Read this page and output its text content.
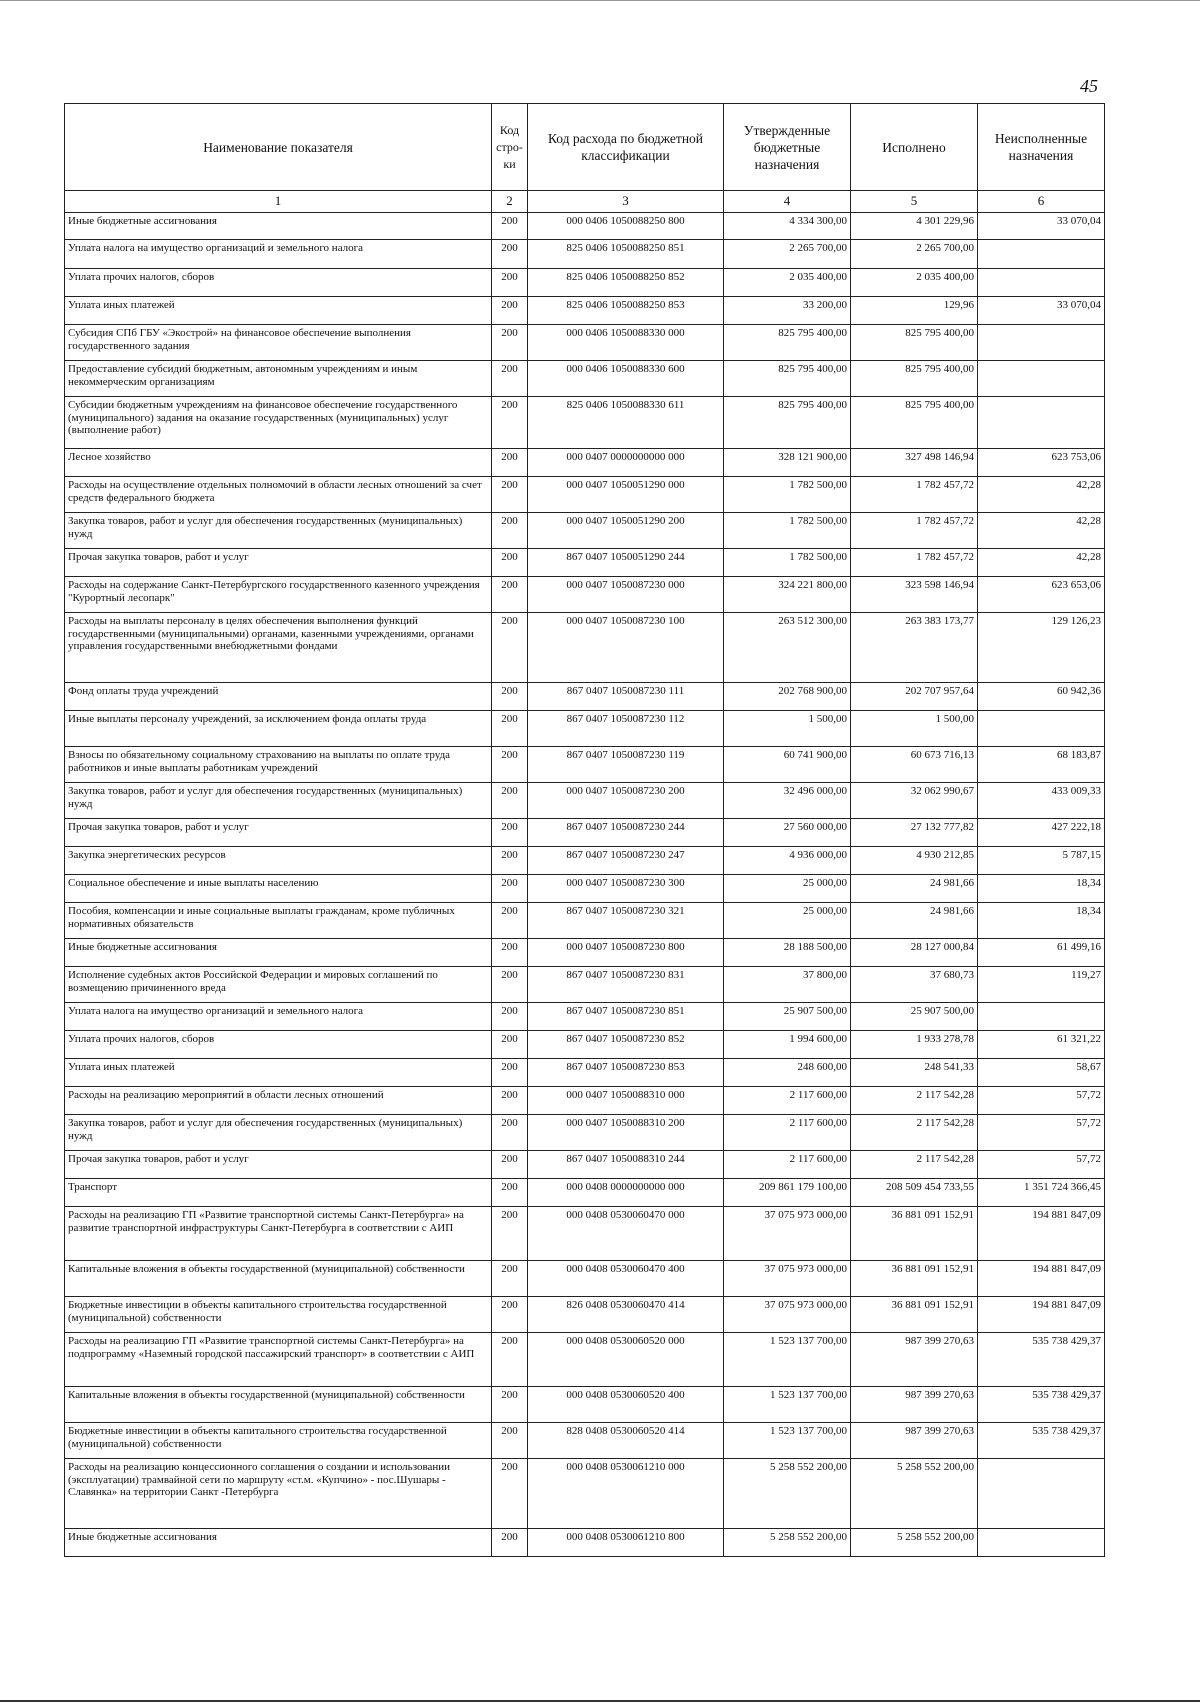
45
Наименование показателя	Код стро-ки	Код расхода по бюджетной классификации	Утвержденные бюджетные назначения	Исполнено	Неисполненные назначения
1	2	3	4	5	6
Иные бюджетные ассигнования	200	000 0406 1050088250 800	4 334 300,00	4 301 229,96	33 070,04
Уплата налога на имущество организаций и земельного налога	200	825 0406 1050088250 851	2 265 700,00	2 265 700,00	
Уплата прочих налогов, сборов	200	825 0406 1050088250 852	2 035 400,00	2 035 400,00	
Уплата иных платежей	200	825 0406 1050088250 853	33 200,00	129,96	33 070,04
Субсидия СПб ГБУ «Экострой» на финансовое обеспечение выполнения государственного задания	200	000 0406 1050088330 000	825 795 400,00	825 795 400,00	
Предоставление субсидий бюджетным, автономным учреждениям и иным некоммерческим организациям	200	000 0406 1050088330 600	825 795 400,00	825 795 400,00	
Субсидии бюджетным учреждениям на финансовое обеспечение государственного (муниципального) задания на оказание государственных (муниципальных) услуг (выполнение работ)	200	825 0406 1050088330 611	825 795 400,00	825 795 400,00	
Лесное хозяйство	200	000 0407 0000000000 000	328 121 900,00	327 498 146,94	623 753,06
Расходы на осуществление отдельных полномочий в области лесных отношений за счет средств федерального бюджета	200	000 0407 1050051290 000	1 782 500,00	1 782 457,72	42,28
Закупка товаров, работ и услуг для обеспечения государственных (муниципальных) нужд	200	000 0407 1050051290 200	1 782 500,00	1 782 457,72	42,28
Прочая закупка товаров, работ и услуг	200	867 0407 1050051290 244	1 782 500,00	1 782 457,72	42,28
Расходы на содержание Санкт-Петербургского государственного казенного учреждения "Курортный лесопарк"	200	000 0407 1050087230 000	324 221 800,00	323 598 146,94	623 653,06
Расходы на выплаты персоналу в целях обеспечения выполнения функций государственными (муниципальными) органами, казенными учреждениями, органами управления государственными внебюджетными фондами	200	000 0407 1050087230 100	263 512 300,00	263 383 173,77	129 126,23
Фонд оплаты труда учреждений	200	867 0407 1050087230 111	202 768 900,00	202 707 957,64	60 942,36
Иные выплаты персоналу учреждений, за исключением фонда оплаты труда	200	867 0407 1050087230 112	1 500,00	1 500,00	
Взносы по обязательному социальному страхованию на выплаты по оплате труда работников и иные выплаты работникам учреждений	200	867 0407 1050087230 119	60 741 900,00	60 673 716,13	68 183,87
Закупка товаров, работ и услуг для обеспечения государственных (муниципальных) нужд	200	000 0407 1050087230 200	32 496 000,00	32 062 990,67	433 009,33
Прочая закупка товаров, работ и услуг	200	867 0407 1050087230 244	27 560 000,00	27 132 777,82	427 222,18
Закупка энергетических ресурсов	200	867 0407 1050087230 247	4 936 000,00	4 930 212,85	5 787,15
Социальное обеспечение и иные выплаты населению	200	000 0407 1050087230 300	25 000,00	24 981,66	18,34
Пособия, компенсации и иные социальные выплаты гражданам, кроме публичных нормативных обязательств	200	867 0407 1050087230 321	25 000,00	24 981,66	18,34
Иные бюджетные ассигнования	200	000 0407 1050087230 800	28 188 500,00	28 127 000,84	61 499,16
Исполнение судебных актов Российской Федерации и мировых соглашений по возмещению причиненного вреда	200	867 0407 1050087230 831	37 800,00	37 680,73	119,27
Уплата налога на имущество организаций и земельного налога	200	867 0407 1050087230 851	25 907 500,00	25 907 500,00	
Уплата прочих налогов, сборов	200	867 0407 1050087230 852	1 994 600,00	1 933 278,78	61 321,22
Уплата иных платежей	200	867 0407 1050087230 853	248 600,00	248 541,33	58,67
Расходы на реализацию мероприятий в области лесных отношений	200	000 0407 1050088310 000	2 117 600,00	2 117 542,28	57,72
Закупка товаров, работ и услуг для обеспечения государственных (муниципальных) нужд	200	000 0407 1050088310 200	2 117 600,00	2 117 542,28	57,72
Прочая закупка товаров, работ и услуг	200	867 0407 1050088310 244	2 117 600,00	2 117 542,28	57,72
Транспорт	200	000 0408 0000000000 000	209 861 179 100,00	208 509 454 733,55	1 351 724 366,45
Расходы на реализацию ГП «Развитие транспортной системы Санкт-Петербурга» на развитие транспортной инфраструктуры Санкт-Петербурга в соответствии с АИП	200	000 0408 0530060470 000	37 075 973 000,00	36 881 091 152,91	194 881 847,09
Капитальные вложения в объекты государственной (муниципальной) собственности	200	000 0408 0530060470 400	37 075 973 000,00	36 881 091 152,91	194 881 847,09
Бюджетные инвестиции в объекты капитального строительства государственной (муниципальной) собственности	200	826 0408 0530060470 414	37 075 973 000,00	36 881 091 152,91	194 881 847,09
Расходы на реализацию ГП «Развитие транспортной системы Санкт-Петербурга» на подпрограмму «Наземный городской пассажирский транспорт» в соответствии с АИП	200	000 0408 0530060520 000	1 523 137 700,00	987 399 270,63	535 738 429,37
Капитальные вложения в объекты государственной (муниципальной) собственности	200	000 0408 0530060520 400	1 523 137 700,00	987 399 270,63	535 738 429,37
Бюджетные инвестиции в объекты капитального строительства государственной (муниципальной) собственности	200	828 0408 0530060520 414	1 523 137 700,00	987 399 270,63	535 738 429,37
Расходы на реализацию концессионного соглашения о создании и использовании (эксплуатации) трамвайной сети по маршруту «ст.м. «Купчино» - пос.Шушары - Славянка» на территории Санкт -Петербурга	200	000 0408 0530061210 000	5 258 552 200,00	5 258 552 200,00	
Иные бюджетные ассигнования	200	000 0408 0530061210 800	5 258 552 200,00	5 258 552 200,00	
